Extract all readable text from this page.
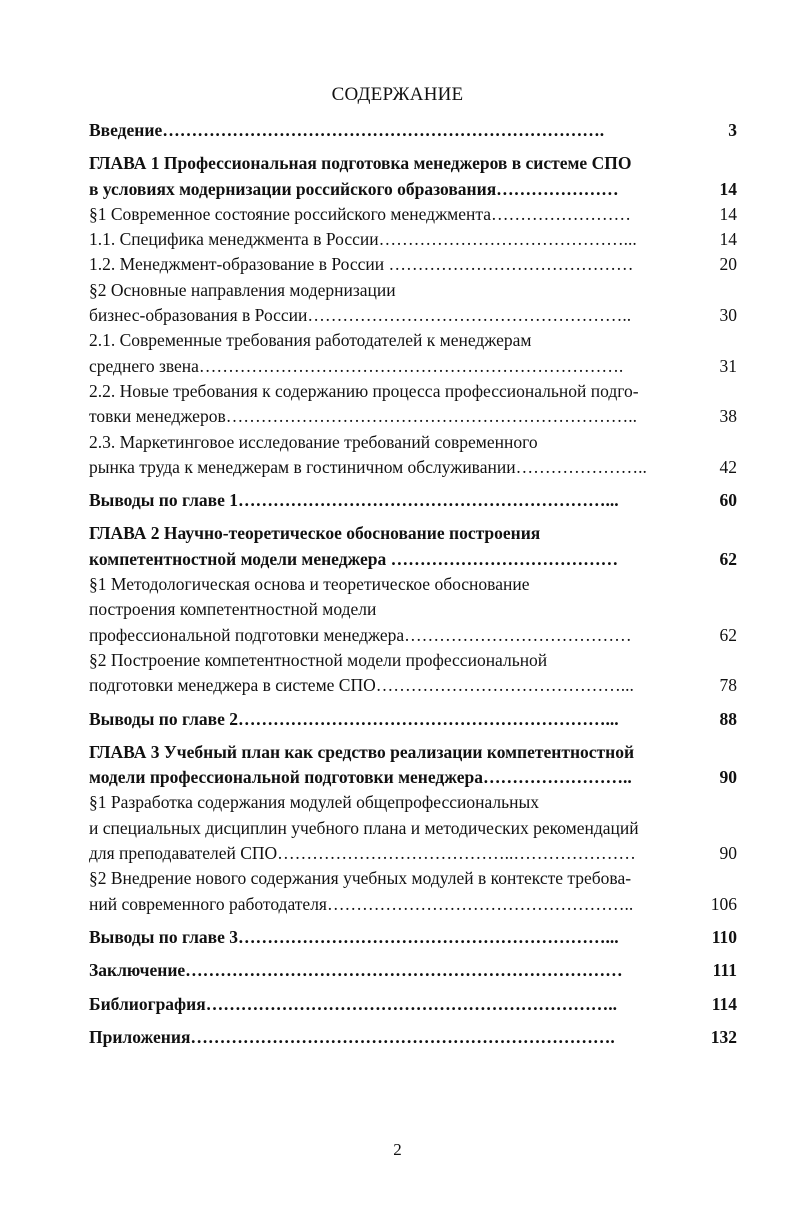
СОДЕРЖАНИЕ
Введение………………………………………………………………….	3
ГЛАВА 1 Профессиональная подготовка менеджеров в системе СПО
в условиях модернизации российского образования…………………	14
§1 Современное состояние российского менеджмента……………………	14
1.1. Специфика менеджмента в России……………………………………...	14
1.2. Менеджмент-образование в России ……………………………………	20
§2 Основные направления модернизации
бизнес-образования в России………………………………………………..	30
2.1. Современные требования работодателей к менеджерам
среднего звена……………………………………………………………….	31
2.2. Новые требования к содержанию процесса профессиональной подго-
товки менеджеров……………………………………………………………..	38
2.3. Маркетинговое исследование требований современного
рынка труда к менеджерам в гостиничном обслуживании…………………..	42
Выводы по главе 1………………………………………………………...	60
ГЛАВА 2 Научно-теоретическое обоснование построения
компетентностной модели менеджера …………………………………	62
§1 Методологическая основа и теоретическое обоснование
построения компетентностной модели
профессиональной подготовки менеджера…………………………………	62
§2 Построение компетентностной модели профессиональной
подготовки менеджера в системе СПО……………………………………...	78
Выводы по главе 2………………………………………………………...	88
ГЛАВА 3 Учебный план как средство реализации компетентностной
модели профессиональной подготовки менеджера……………………..	90
§1 Разработка содержания модулей общепрофессиональных
и специальных дисциплин учебного плана и методических рекомендаций
для преподавателей СПО…………………………………..…………………	90
§2 Внедрение нового содержания учебных модулей в контексте требова-
ний современного работодателя……………………………………………..	106
Выводы по главе 3………………………………………………………...	110
Заключение…………………………………………………………………	111
Библиография……………………………………………………………..	114
Приложения……………………………………………………………….	132
2
